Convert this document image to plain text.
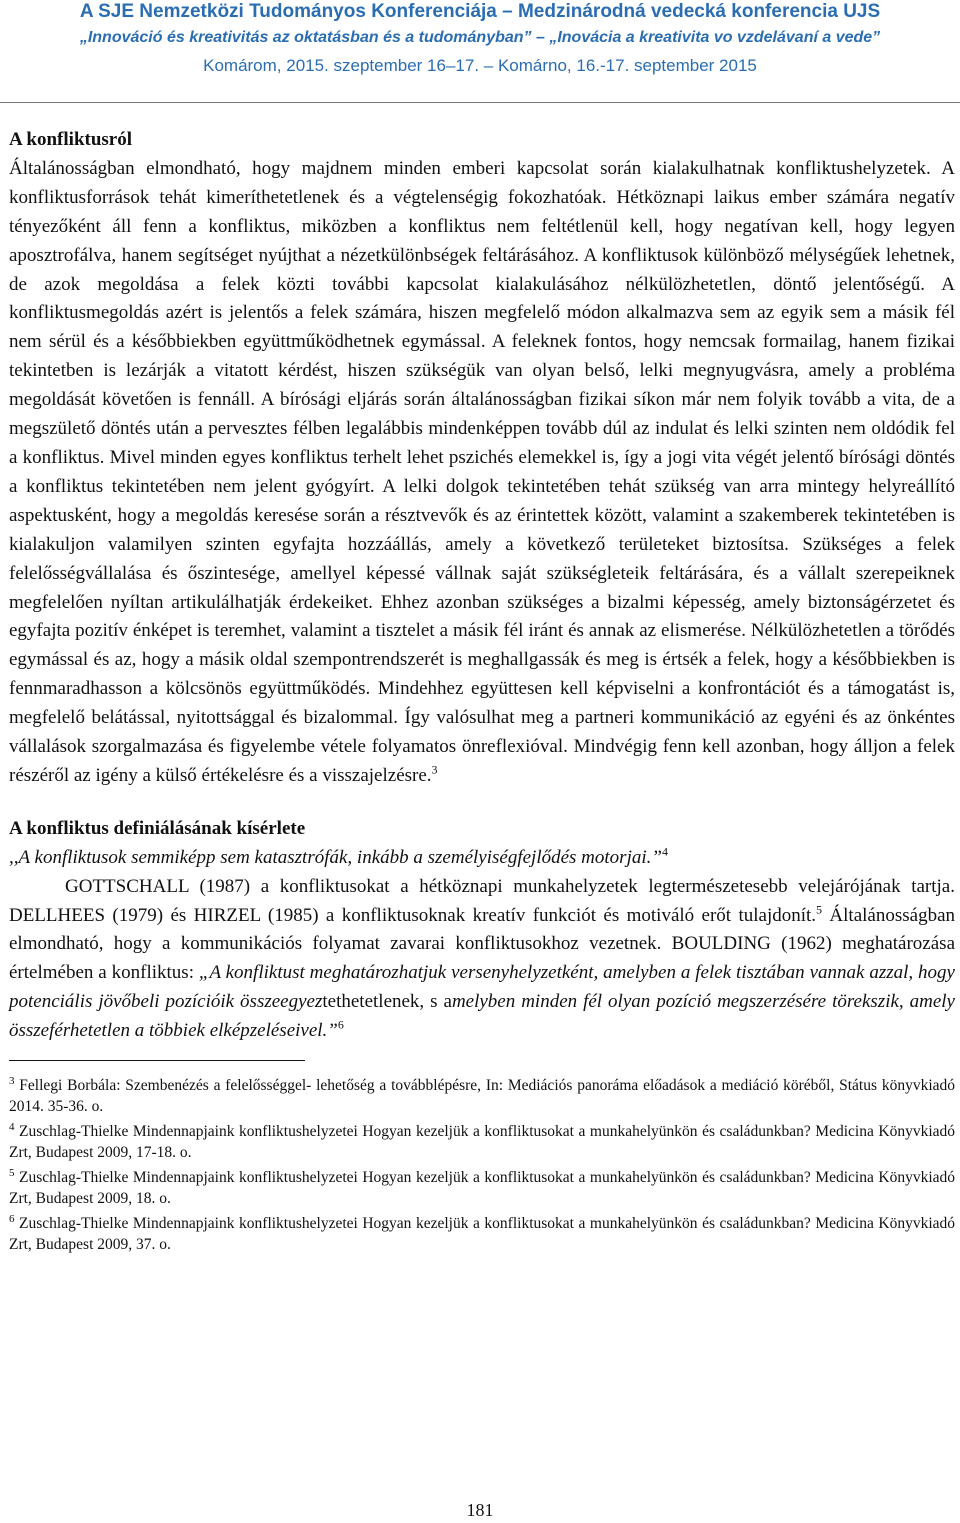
A SJE Nemzetközi Tudományos Konferenciája – Medzinárodná vedecká konferencia UJS
„Innováció és kreativitás az oktatásban és a tudományban” – „Inovácia a kreativita vo vzdelávaní a vede”
Komárom, 2015. szeptember 16–17. – Komárno, 16.-17. september 2015
A konfliktusról

Általánosságban elmondható, hogy majdnem minden emberi kapcsolat során kialakulhatnak konfliktushelyzetek. A konfliktusforrások tehát kimeríthetetlenek és a végtelenségig fokozhatóak. Hétköznapi laikus ember számára negatív tényezőként áll fenn a konfliktus, miközben a konfliktus nem feltétlenül kell, hogy negatívan kell, hogy legyen aposztrofálva, hanem segítséget nyújthat a nézetkülönbségek feltárásához. A konfliktusok különböző mélységűek lehetnek, de azok megoldása a felek közti további kapcsolat kialakulásához nélkülözhetetlen, döntő jelentőségű. A konfliktusmegoldás azért is jelentős a felek számára, hiszen megfelelő módon alkalmazva sem az egyik sem a másik fél nem sérül és a későbbiekben együttműködhetnek egymással. A feleknek fontos, hogy nemcsak formailag, hanem fizikai tekintetben is lezárják a vitatott kérdést, hiszen szükségük van olyan belső, lelki megnyugvásra, amely a probléma megoldását követően is fennáll. A bírósági eljárás során általánosságban fizikai síkon már nem folyik tovább a vita, de a megszülető döntés után a pervesztes félben legalábbis mindenképpen tovább dúl az indulat és lelki szinten nem oldódik fel a konfliktus. Mivel minden egyes konfliktus terhelt lehet pszichés elemekkel is, így a jogi vita végét jelentő bírósági döntés a konfliktus tekintetében nem jelent gyógyírt. A lelki dolgok tekintetében tehát szükség van arra mintegy helyreállító aspektusként, hogy a megoldás keresése során a résztvevők és az érintettek között, valamint a szakemberek tekintetében is kialakuljon valamilyen szinten egyfajta hozzáállás, amely a következő területeket biztosítsa. Szükséges a felek felelősségvállalása és őszintesége, amellyel képessé vállnak saját szükségleteik feltárására, és a vállalt szerepeiknek megfelelően nyíltan artikulálhatják érdekeiket. Ehhez azonban szükséges a bizalmi képesség, amely biztonságérzetet és egyfajta pozitív énképet is teremhet, valamint a tisztelet a másik fél iránt és annak az elismerése. Nélkülözhetetlen a törődés egymással és az, hogy a másik oldal szempontrendszerét is meghallgassák és meg is értsék a felek, hogy a későbbiekben is fennmaradhasson a kölcsönös együttműködés. Mindehhez együttesen kell képviselni a konfrontációt és a támogatást is, megfelelő belátással, nyitottsággal és bizalommal. Így valósulhat meg a partneri kommunikáció az egyéni és az önkéntes vállalások szorgalmazása és figyelembe vétele folyamatos önreflexióval. Mindvégig fenn kell azonban, hogy álljon a felek részéről az igény a külső értékelésre és a visszajelzésre.$^3$

A konfliktus definiálásának kísérlete

,,A konfliktusok semmiképp sem katasztrófák, inkább a személyiségfejlődés motorjai.”$^4$

GOTTSCHALL (1987) a konfliktusokat a hétköznapi munkahelyzetek legtermészetesebb velejárójának tartja. DELLHEES (1979) és HIRZEL (1985) a konfliktusoknak kreatív funkciót és motiváló erőt tulajdonít.$^5$ Általánosságban elmondható, hogy a kommunikációs folyamat zavarai konfliktusokhoz vezetnek. BOULDING (1962) meghatározása értelmében a konfliktus: „A konfliktust meghatározhatjuk versenyhelyzetként, amelyben a felek tisztában vannak azzal, hogy potenciális jövőbeli pozícióik összeegyeztethetetlenek, s amelyben minden fél olyan pozíció megszerzésére törekszik, amely összeférhetetlen a többiek elképzeléseivel.”$^6$

$^3$ Fellegi Borbála: Szembenézés a felelősséggel- lehetőség a továbblépésre, In: Mediációs panoráma előadások a mediáció köréből, Státus könyvkiadó 2014. 35-36. o.

$^4$ Zuschlag-Thielke Mindennapjaink konfliktushelyzetei Hogyan kezeljük a konfliktusokat a munkahelyünkön és családunkban? Medicina Könyvkiadó Zrt, Budapest 2009, 17-18. o.

$^5$ Zuschlag-Thielke Mindennapjaink konfliktushelyzetei Hogyan kezeljük a konfliktusokat a munkahelyünkön és családunkban? Medicina Könyvkiadó Zrt, Budapest 2009, 18. o.

$^6$ Zuschlag-Thielke Mindennapjaink konfliktushelyzetei Hogyan kezeljük a konfliktusokat a munkahelyünkön és családunkban? Medicina Könyvkiadó Zrt, Budapest 2009, 37. o.

181
